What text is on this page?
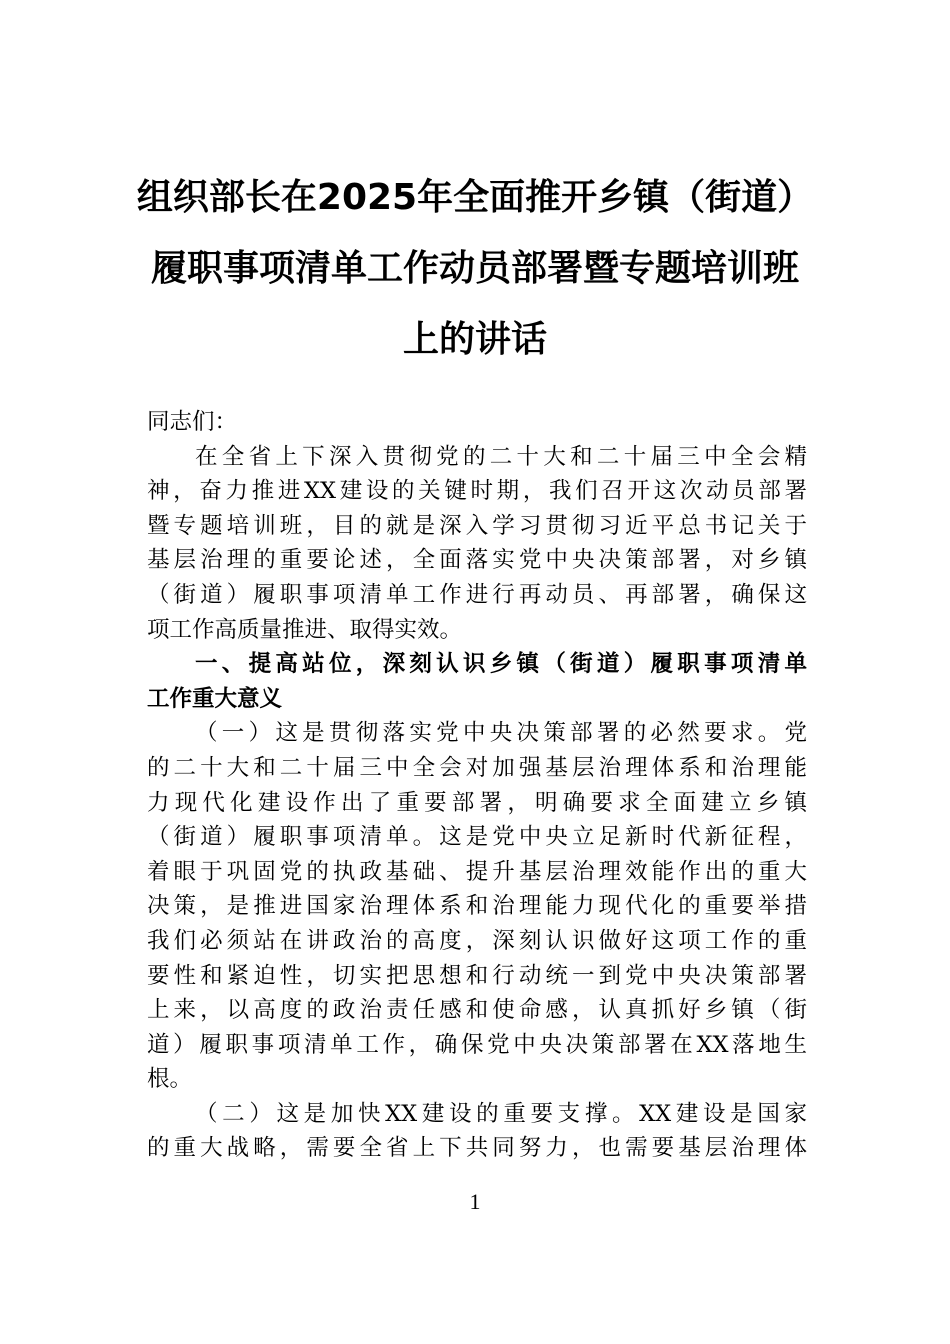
组织部长在2025年全面推开乡镇（街道）
履职事项清单工作动员部署暨专题培训班
上的讲话
同志们：
在全省上下深入贯彻党的二十大和二十届三中全会精
神，奋力推进XX建设的关键时期，我们召开这次动员部署
暨专题培训班，目的就是深入学习贯彻习近平总书记关于
基层治理的重要论述，全面落实党中央决策部署，对乡镇
（街道）履职事项清单工作进行再动员、再部署，确保这
项工作高质量推进、取得实效。
一、提高站位，深刻认识乡镇（街道）履职事项清单
工作重大意义
（一）这是贯彻落实党中央决策部署的必然要求。党
的二十大和二十届三中全会对加强基层治理体系和治理能
力现代化建设作出了重要部署，明确要求全面建立乡镇
（街道）履职事项清单。这是党中央立足新时代新征程，
着眼于巩固党的执政基础、提升基层治理效能作出的重大
决策，是推进国家治理体系和治理能力现代化的重要举措
我们必须站在讲政治的高度，深刻认识做好这项工作的重
要性和紧迫性，切实把思想和行动统一到党中央决策部署
上来，以高度的政治责任感和使命感，认真抓好乡镇（街
道）履职事项清单工作，确保党中央决策部署在XX落地生
根。
（二）这是加快XX建设的重要支撑。XX建设是国家
的重大战略，需要全省上下共同努力，也需要基层治理体
1
